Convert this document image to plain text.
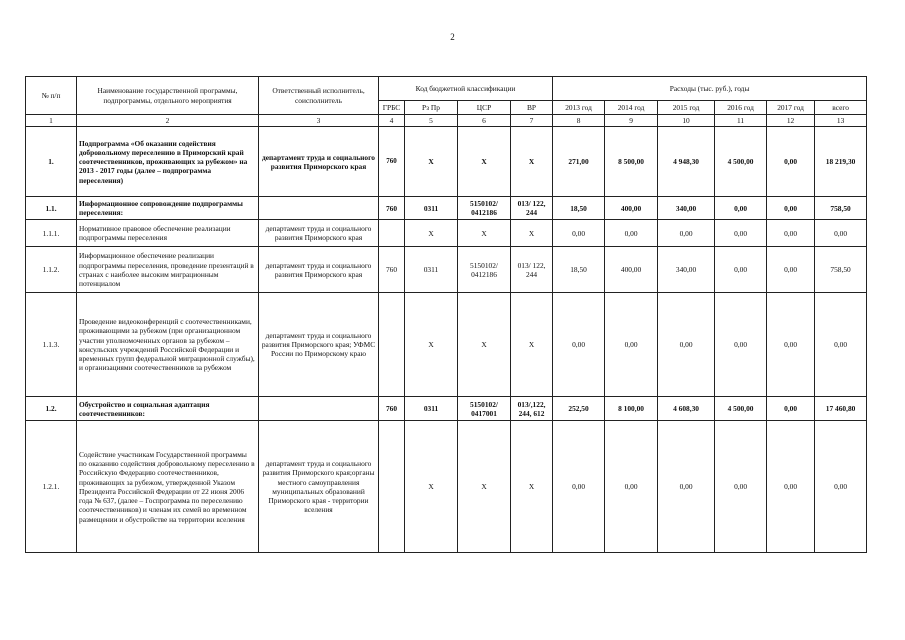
2
№ п/п	Наименование государственной программы, подпрограммы, отдельного мероприятия	Ответственный исполнитель, соисполнитель	Код бюджетной классификации				Расходы (тыс. руб.), годы					
			ГРБС	Рз Пр	ЦСР	ВР	2013 год	2014 год	2015 год	2016 год	2017 год	всего
1	2	3	4	5	6	7	8	9	10	11	12	13
1.	Подпрограмма «Об оказании содействия добровольному переселению в Приморский край соотечественников, проживающих за рубежом» на 2013 - 2017 годы (далее – подпрограмма переселения)	департамент труда и социального развития Приморского края	760	X	X	X	271,00	8 500,00	4 948,30	4 500,00	0,00	18 219,30
1.1.	Информационное сопровождение подпрограммы переселения:		760	0311	5150102/ 0412186	013/ 122, 244	18,50	400,00	340,00	0,00	0,00	758,50
1.1.1.	Нормативное правовое обеспечение реализации подпрограммы переселения	департамент труда и социального развития Приморского края		X	X	X	0,00	0,00	0,00	0,00	0,00	0,00
1.1.2.	Информационное обеспечение реализации подпрограммы переселения, проведение презентаций в странах с наиболее высоким миграционным потенциалом	департамент труда и социального развития Приморского края	760	0311	5150102/ 0412186	013/ 122, 244	18,50	400,00	340,00	0,00	0,00	758,50
1.1.3.	Проведение видеоконференций с соотечественниками, проживающими за рубежом (при организационном участии уполномоченных органов за рубежом – консульских учреждений Российской Федерации и временных групп федеральной миграционной службы), и организациями соотечественников за рубежом	департамент труда и социального развития Приморского края; УФМС России по Приморскому краю		X	X	X	0,00	0,00	0,00	0,00	0,00	0,00
1.2.	Обустройство и социальная адаптация соотечественников:		760	0311	5150102/ 0417001	013/,122, 244, 612	252,50	8 100,00	4 608,30	4 500,00	0,00	17 460,80
1.2.1.	Содействие участникам Государственной программы по оказанию содействия добровольному переселению в Российскую Федерацию соотечественников, проживающих за рубежом, утвержденной Указом Президента Российской Федерации от 22 июня 2006 года № 637, (далее – Госпрограмма по переселению соотечественников) и членам их семей во временном размещении и обустройстве на территории вселения	департамент труда и социального развития Приморского края;органы местного самоуправления муниципальных образований Приморского края - территории вселения		X	X	X	0,00	0,00	0,00	0,00	0,00	0,00
